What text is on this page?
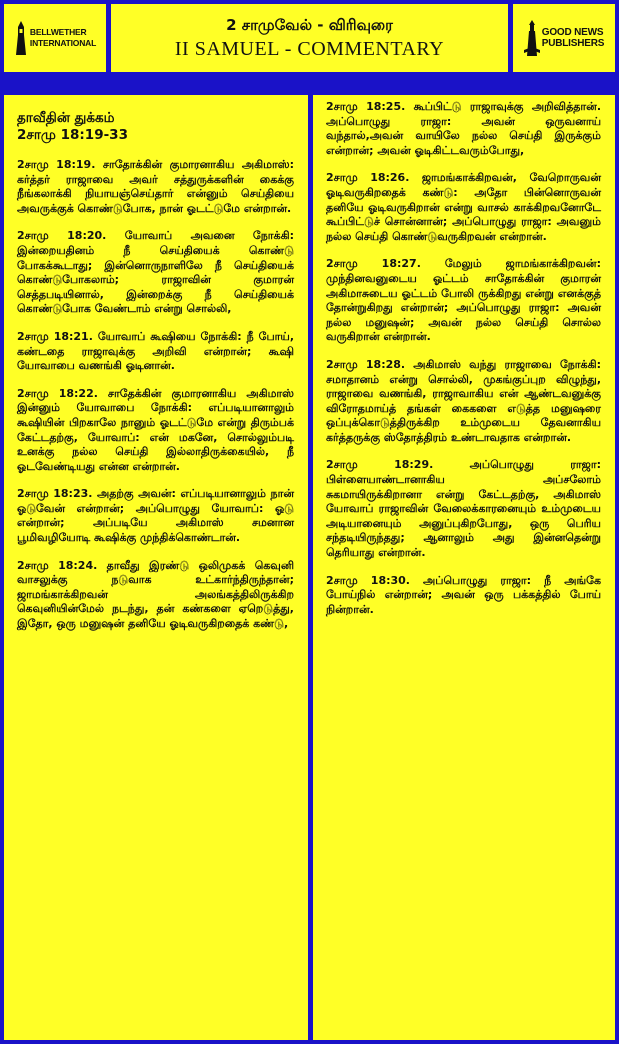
BELLWETHER
INTERNATIONAL
2 சாமுவேல் - விரிவுரை
II SAMUEL - COMMENTARY
GOOD NEWS
PUBLISHERS
தாவீதின் துக்கம்
2சாமு 18:19-33

2சாமு 18:19. சாதோக்கின் குமாரனாகிய அகிமாஸ்: கர்த்தர் ராஜாவை அவர் சத்துருக்களின் கைக்கு நீங்கலாக்கி நியாயஞ்செய்தார் என்னும் செய்தியை அவருக்குக் கொண்டுபோக, நான் ஓடட்டுமே என்றான்.

2சாமு 18:20. யோவாப் அவனை நோக்கி: இன்றையதினம் நீ செய்தியைக் கொண்டு போகக்கூடாது; இன்னொருநாளிலே நீ செய்தியைக் கொண்டுபோகலாம்; ராஜாவின் குமாரன் செத்தபடியினால், இன்றைக்கு நீ செய்தியைக் கொண்டுபோக வேண்டாம் என்று சொல்லி,

2சாமு 18:21. யோவாப் கூஷியை நோக்கி: நீ போய், கண்டதை ராஜாவுக்கு அறிவி என்றான்; கூஷி யோவாபை வணங்கி ஓடினான்.

2சாமு 18:22. சாதேக்கின் குமாரனாகிய அகிமாஸ் இன்னும் யோவாபை நோக்கி: எப்படியானாலும் கூஷியின் பிறகாலே நானும் ஓடட்டுமே என்று திரும்பக் கேட்டதற்கு, யோவாப்: என் மகனே, சொல்லும்படி உனக்கு நல்ல செய்தி இல்லாதிருக்கையில், நீ ஓடவேண்டியது என்ன என்றான்.

2சாமு 18:23. அதற்கு அவன்: எப்படியானாலும் நான் ஓடுவேன் என்றான்; அப்பொழுது யோவாப்: ஓடு என்றான்; அப்படியே அகிமாஸ் சமனான பூமிவழியோடி கூஷிக்கு முந்திக்கொண்டான்.

2சாமு 18:24. தாவீது இரண்டு ஒலிமுகக் கெவுனி வாசலுக்கு நடுவாக உட்கார்ந்திருந்தான்; ஜாமங்காக்கிறவன் அலங்கத்திலிருக்கிற கெவுனியின்மேல் நடந்து, தன் கண்களை ஏறெடுத்து, இதோ, ஒரு மனுஷன் தனியே ஓடிவருகிறதைக் கண்டு,

2சாமு 18:25. கூப்பிட்டு ராஜாவுக்கு அறிவித்தான். அப்பொழுது ராஜா: அவன் ஒருவனாய் வந்தால்,அவன் வாயிலே நல்ல செய்தி இருக்கும் என்றான்; அவன் ஓடிகிட்டவரும்போது,

2சாமு 18:26. ஜாமங்காக்கிறவன், வேறொருவன் ஓடிவருகிறதைக் கண்டு: அதோ பின்னொருவன் தனியே ஓடிவருகிறான் என்று வாசல் காக்கிறவனோடே கூப்பிட்டுச் சொன்னான்; அப்பொழுது ராஜா: அவனும் நல்ல செய்தி கொண்டுவருகிறவன் என்றான்.

2சாமு 18:27. மேலும் ஜாமங்காக்கிறவன்: முந்தினவனுடைய ஓட்டம் சாதோக்கின் குமாரன் அகிமாசுடைய ஓட்டம் போலி ருக்கிறது என்று எனக்குத் தோன்றுகிறது என்றான்; அப்பொழுது ராஜா: அவன் நல்ல மனுஷன்; அவன் நல்ல செய்தி சொல்ல வருகிறான் என்றான்.

2சாமு 18:28. அகிமாஸ் வந்து ராஜாவை நோக்கி: சமாதானம் என்று சொல்லி, முகங்குப்புற விழுந்து, ராஜாவை வணங்கி, ராஜாவாகிய என் ஆண்டவனுக்கு விரோதமாய்த் தங்கள் கைகளை எடுத்த மனுஷரை ஒப்புக்கொடுத்திருக்கிற உம்முடைய தேவனாகிய கர்த்தருக்கு ஸ்தோத்திரம் உண்டாவதாக என்றான்.

2சாமு 18:29. அப்பொழுது ராஜா: பிள்ளையாண்டானாகிய அப்சலோம் சுகமாயிருக்கிறானா என்று கேட்டதற்கு, அகிமாஸ் யோவாப் ராஜாவின் வேலைக்காரனையும் உம்முடைய அடியானையும் அனுப்புகிறபோது, ஒரு பெரிய சந்தடியிருந்தது; ஆனாலும் அது இன்னதென்று தெரியாது என்றான்.

2சாமு 18:30. அப்பொழுது ராஜா: நீ அங்கே போய்நில் என்றான்; அவன் ஒரு பக்கத்தில் போய் நின்றான்.
